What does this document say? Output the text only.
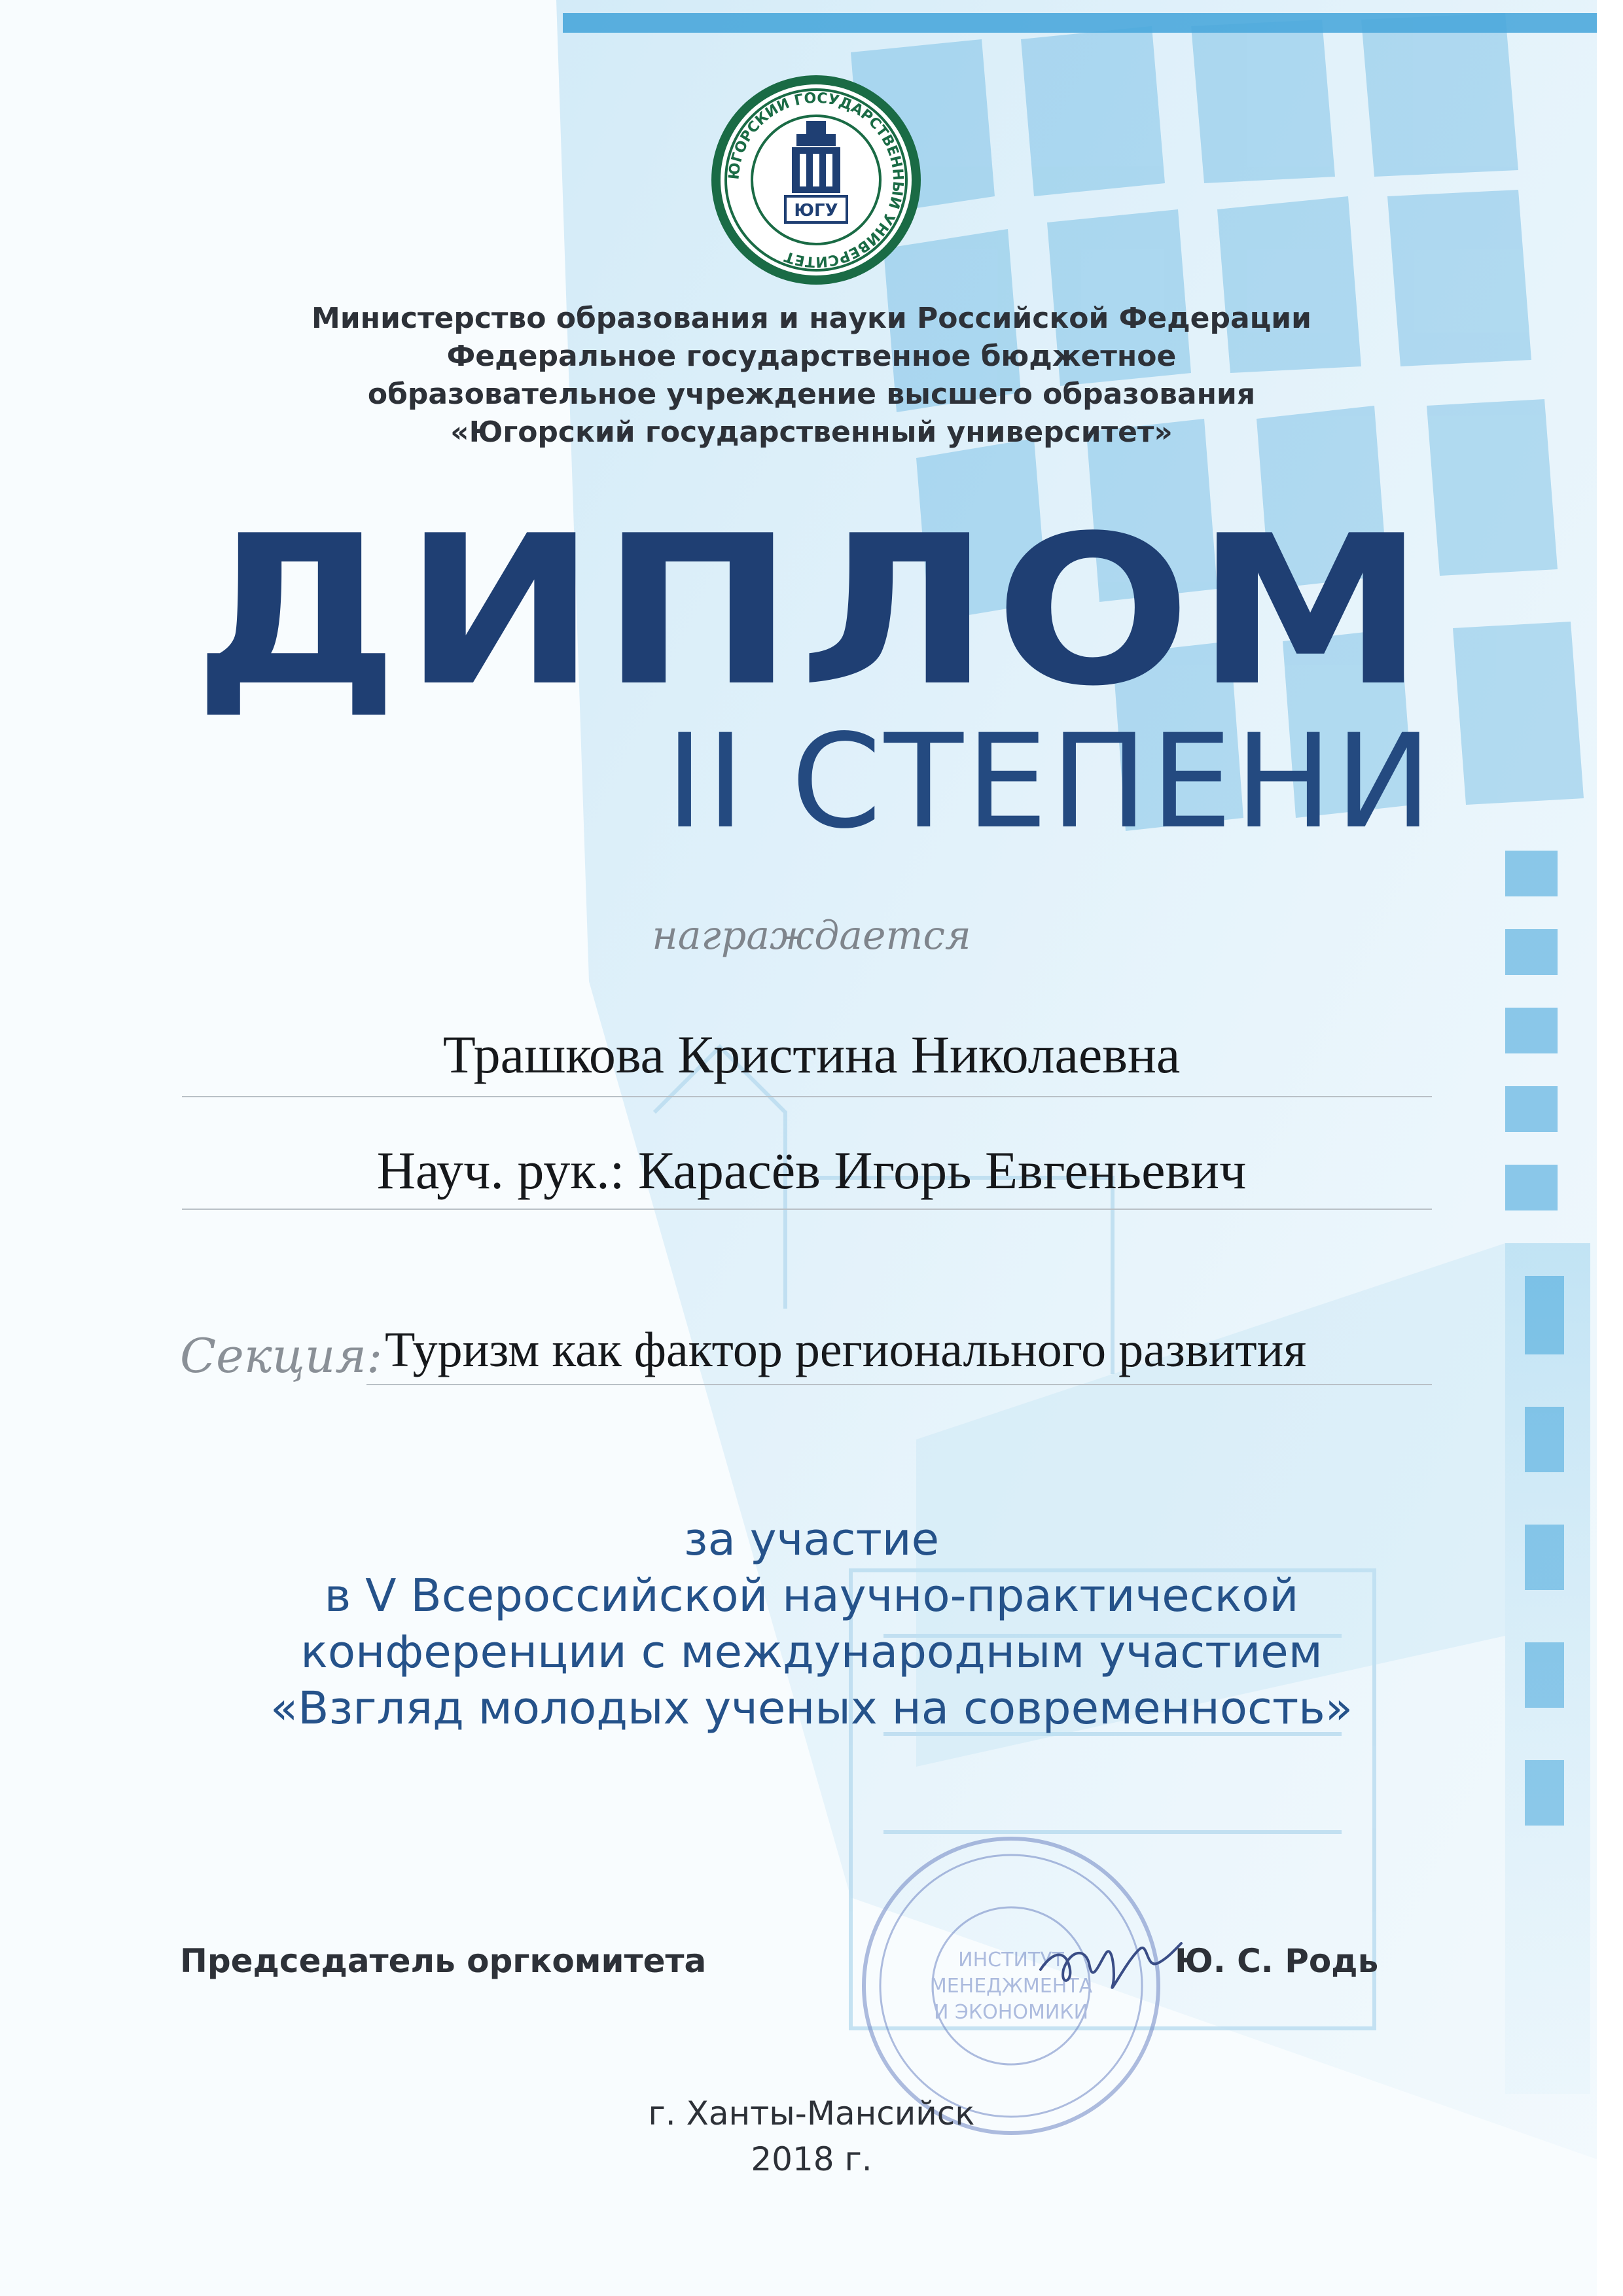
ЮГОРСКИЙ ГОСУДАРСТВЕННЫЙ УНИВЕРСИТЕТ
ЮГУ
Министерство образования и науки Российской Федерации
Федеральное государственное бюджетное
образовательное учреждение высшего образования
«Югорский государственный университет»
ДИПЛОМ
II СТЕПЕНИ
награждается
Трашкова Кристина Николаевна
Науч. рук.: Карасёв Игорь Евгеньевич
Секция: Туризм как фактор регионального развития
за участие
в V Всероссийской научно-практической
конференции с международным участием
«Взгляд молодых ученых на современность»
ИНСТИТУТ
МЕНЕДЖМЕНТА
И ЭКОНОМИКИ
Председатель оргкомитета	Ю. С. Родь
г. Ханты-Мансийск
2018 г.
